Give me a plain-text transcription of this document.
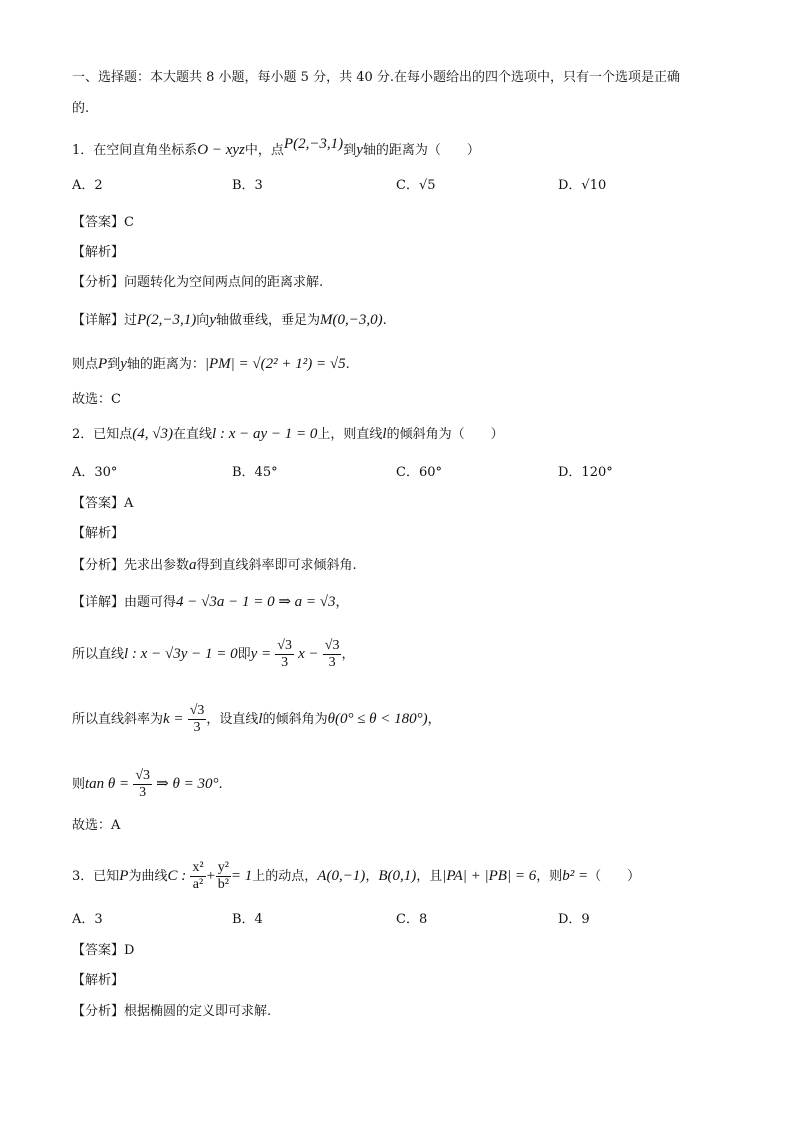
一、选择题：本大题共 8 小题，每小题 5 分，共 40 分.在每小题给出的四个选项中，只有一个选项是正确
的.
1．在空间直角坐标系O − xyz中，点P(2,−3,1)到y轴的距离为（　　）
A．2	B．3	C．√5	D．√10
【答案】C
【解析】
【分析】问题转化为空间两点间的距离求解.
【详解】过P(2,−3,1)向y轴做垂线，垂足为M(0,−3,0).
则点P到y轴的距离为：|PM| = √(2² + 1²) = √5.
故选：C
2．已知点(4, √3)在直线l : x − ay − 1 = 0上，则直线l的倾斜角为（　　）
A．30°	B．45°	C．60°	D．120°
【答案】A
【解析】
【分析】先求出参数a得到直线斜率即可求倾斜角.
【详解】由题可得4 − √3a − 1 = 0 ⇒ a = √3，
所以直线l : x − √3y − 1 = 0即$y = \frac{√3}{3}$ $x - \frac{√3}{3}$ ，
所以直线斜率为$k = \frac{√3}{3}$ ，设直线l的倾斜角为θ(0° ≤ θ < 180°)，
则$\tan \theta = \frac{√3}{3}$ ⇒ θ = 30°.
故选：A
3．已知P为曲线C : $\frac{\text{x²}}{\text{a²}} + \frac{\text{y²}}{\text{b²}} = 1$上的动点，A(0,−1)，B(0,1)，且|PA| + |PB| = 6，则b² =（　　）
A．3	B．4	C．8	D．9
【答案】D
【解析】
【分析】根据椭圆的定义即可求解.
